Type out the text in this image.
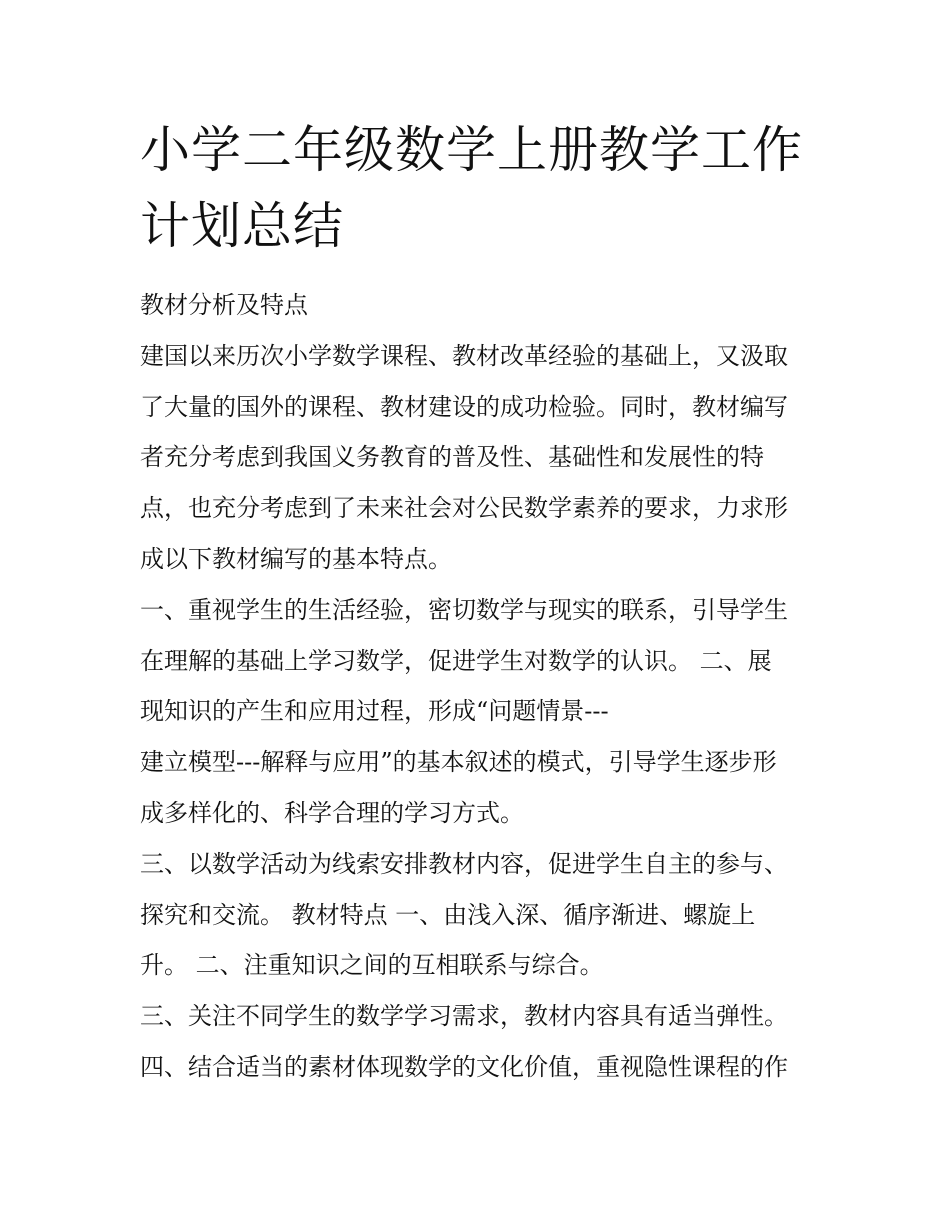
小学二年级数学上册教学工作
计划总结
教材分析及特点
建国以来历次小学数学课程、教材改革经验的基础上，又汲取
了大量的国外的课程、教材建设的成功检验。同时，教材编写
者充分考虑到我国义务教育的普及性、基础性和发展性的特
点，也充分考虑到了未来社会对公民数学素养的要求，力求形
成以下教材编写的基本特点。
一、重视学生的生活经验，密切数学与现实的联系，引导学生
在理解的基础上学习数学，促进学生对数学的认识。 二、展
现知识的产生和应用过程，形成“问题情景---
建立模型---解释与应用”的基本叙述的模式，引导学生逐步形
成多样化的、科学合理的学习方式。
三、以数学活动为线索安排教材内容，促进学生自主的参与、
探究和交流。 教材特点 一、由浅入深、循序渐进、螺旋上
升。 二、注重知识之间的互相联系与综合。
三、关注不同学生的数学学习需求，教材内容具有适当弹性。
四、结合适当的素材体现数学的文化价值，重视隐性课程的作
